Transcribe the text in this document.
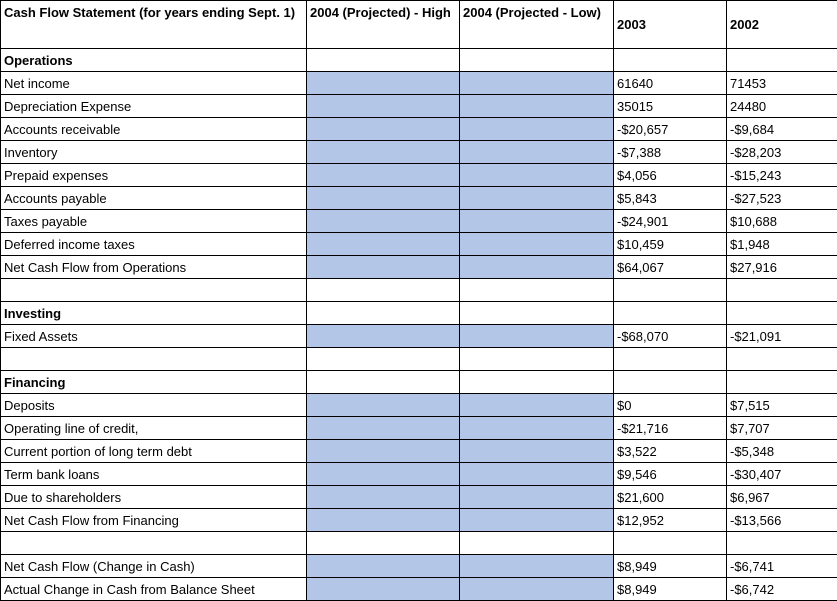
Cash Flow Statement (for years ending Sept. 1)	2004 (Projected) - High	2004 (Projected - Low)	2003	2002
Operations				
Net income			61640	71453
Depreciation Expense			35015	24480
Accounts receivable			-$20,657	-$9,684
Inventory			-$7,388	-$28,203
Prepaid expenses			$4,056	-$15,243
Accounts payable			$5,843	-$27,523
Taxes payable			-$24,901	$10,688
Deferred income taxes			$10,459	$1,948
Net Cash Flow from Operations			$64,067	$27,916

Investing				
Fixed Assets			-$68,070	-$21,091

Financing				
Deposits			$0	$7,515
Operating line of credit,			-$21,716	$7,707
Current portion of long term debt			$3,522	-$5,348
Term bank loans			$9,546	-$30,407
Due to shareholders			$21,600	$6,967
Net Cash Flow from Financing			$12,952	-$13,566

Net Cash Flow (Change in Cash)			$8,949	-$6,741
Actual Change in Cash from Balance Sheet			$8,949	-$6,742
